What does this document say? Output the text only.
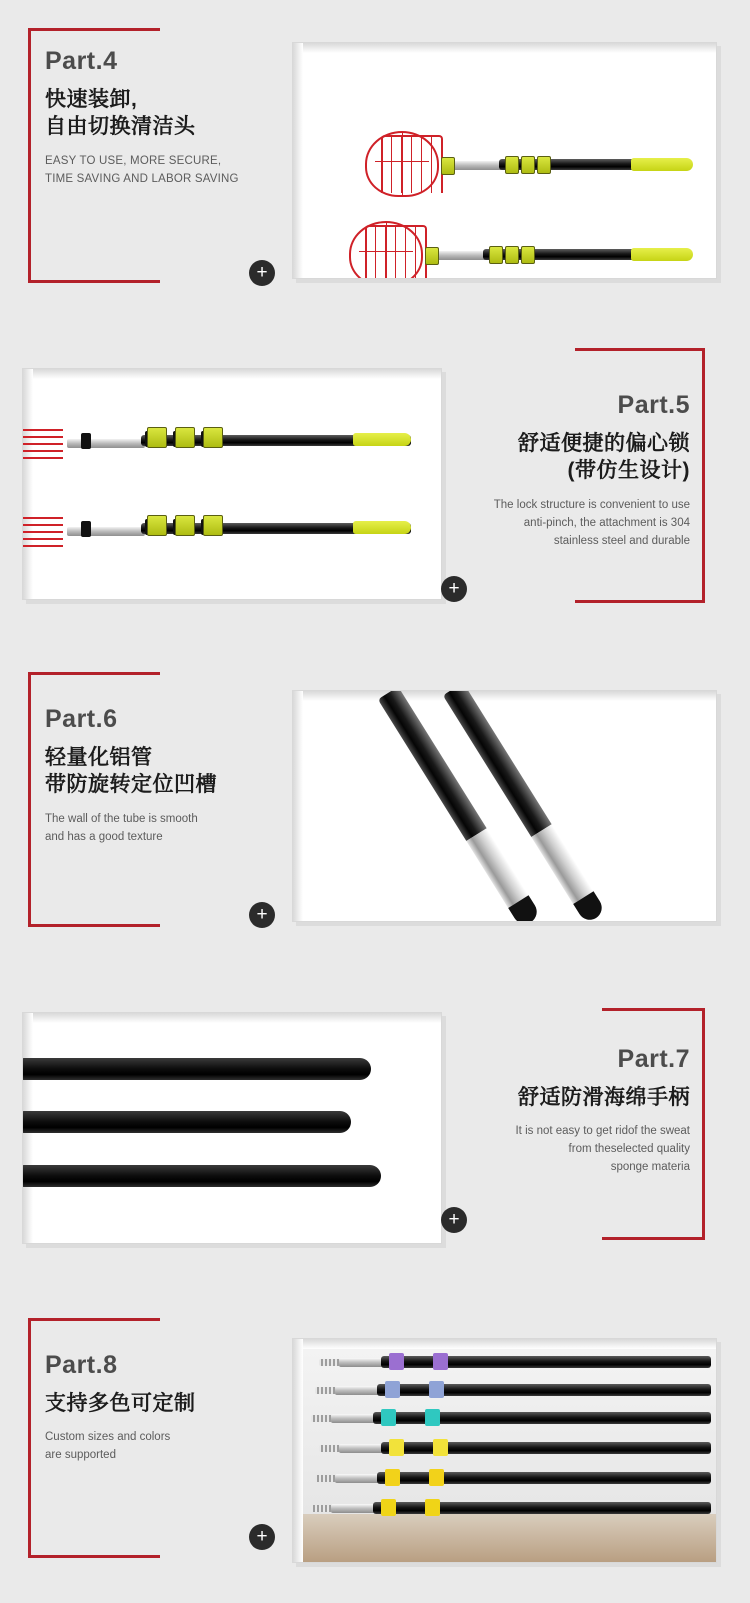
Part.4
快速装卸,
自由切换清洁头
EASY TO USE, MORE SECURE,
TIME SAVING AND LABOR SAVING
+
+
Part.5
舒适便捷的偏心锁
(带仿生设计)
The lock structure is convenient to use
anti-pinch, the attachment is 304
stainless steel and durable
Part.6
轻量化铝管
带防旋转定位凹槽
The wall of the tube is smooth
and has a good texture
+
+
Part.7
舒适防滑海绵手柄
It is not easy to get ridof the sweat
from theselected quality
sponge materia
Part.8
支持多色可定制
Custom sizes and colors
are supported
+
